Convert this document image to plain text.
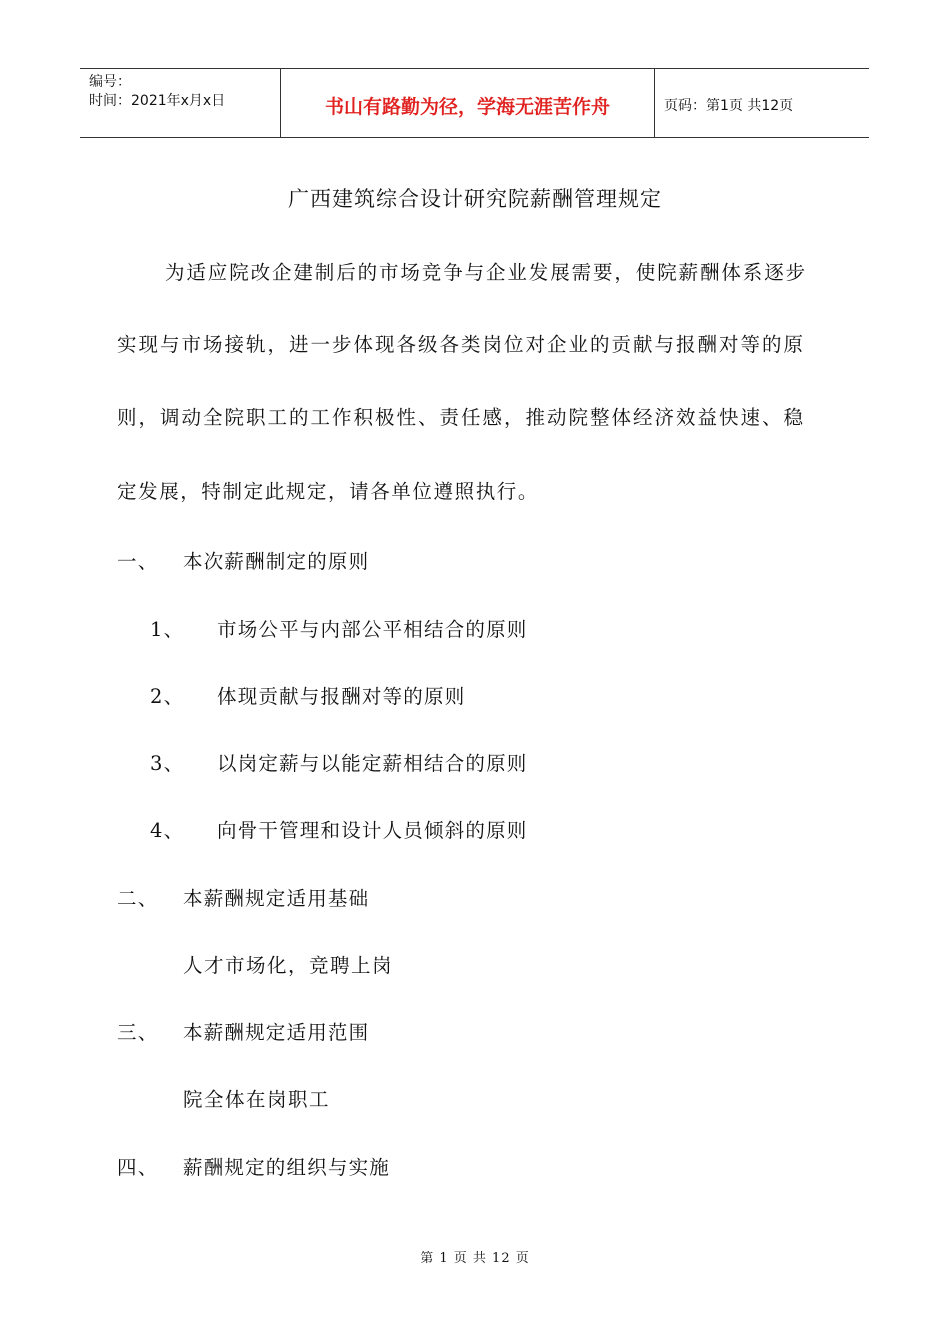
编号：
时间：2021年x月x日	书山有路勤为径，学海无涯苦作舟	页码：第1页 共12页
广西建筑综合设计研究院薪酬管理规定
为适应院改企建制后的市场竞争与企业发展需要，使院薪酬体系逐步
实现与市场接轨，进一步体现各级各类岗位对企业的贡献与报酬对等的原
则，调动全院职工的工作积极性、责任感，推动院整体经济效益快速、稳
定发展，特制定此规定，请各单位遵照执行。
一、 本次薪酬制定的原则
1、 市场公平与内部公平相结合的原则
2、 体现贡献与报酬对等的原则
3、 以岗定薪与以能定薪相结合的原则
4、 向骨干管理和设计人员倾斜的原则
二、 本薪酬规定适用基础
人才市场化，竞聘上岗
三、 本薪酬规定适用范围
院全体在岗职工
四、 薪酬规定的组织与实施
第 1 页 共 12 页
